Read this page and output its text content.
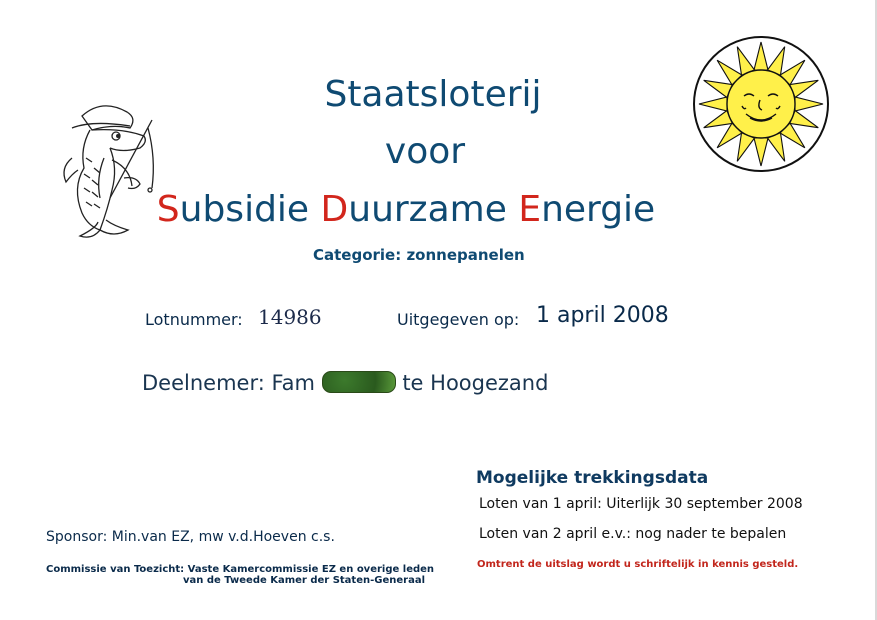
Staatsloterij
voor
Subsidie Duurzame Energie
Categorie: zonnepanelen
Lotnummer: 14986	Uitgegeven op: 1 april 2008
Deelnemer: Fam	te Hoogezand
Mogelijke trekkingsdata
Loten van 1 april: Uiterlijk 30 september 2008
Loten van 2 april e.v.: nog nader te bepalen
Omtrent de uitslag wordt u schriftelijk in kennis gesteld.
Sponsor: Min.van EZ, mw v.d.Hoeven c.s.
Commissie van Toezicht: Vaste Kamercommissie EZ en overige leden
van de Tweede Kamer der Staten-Generaal
